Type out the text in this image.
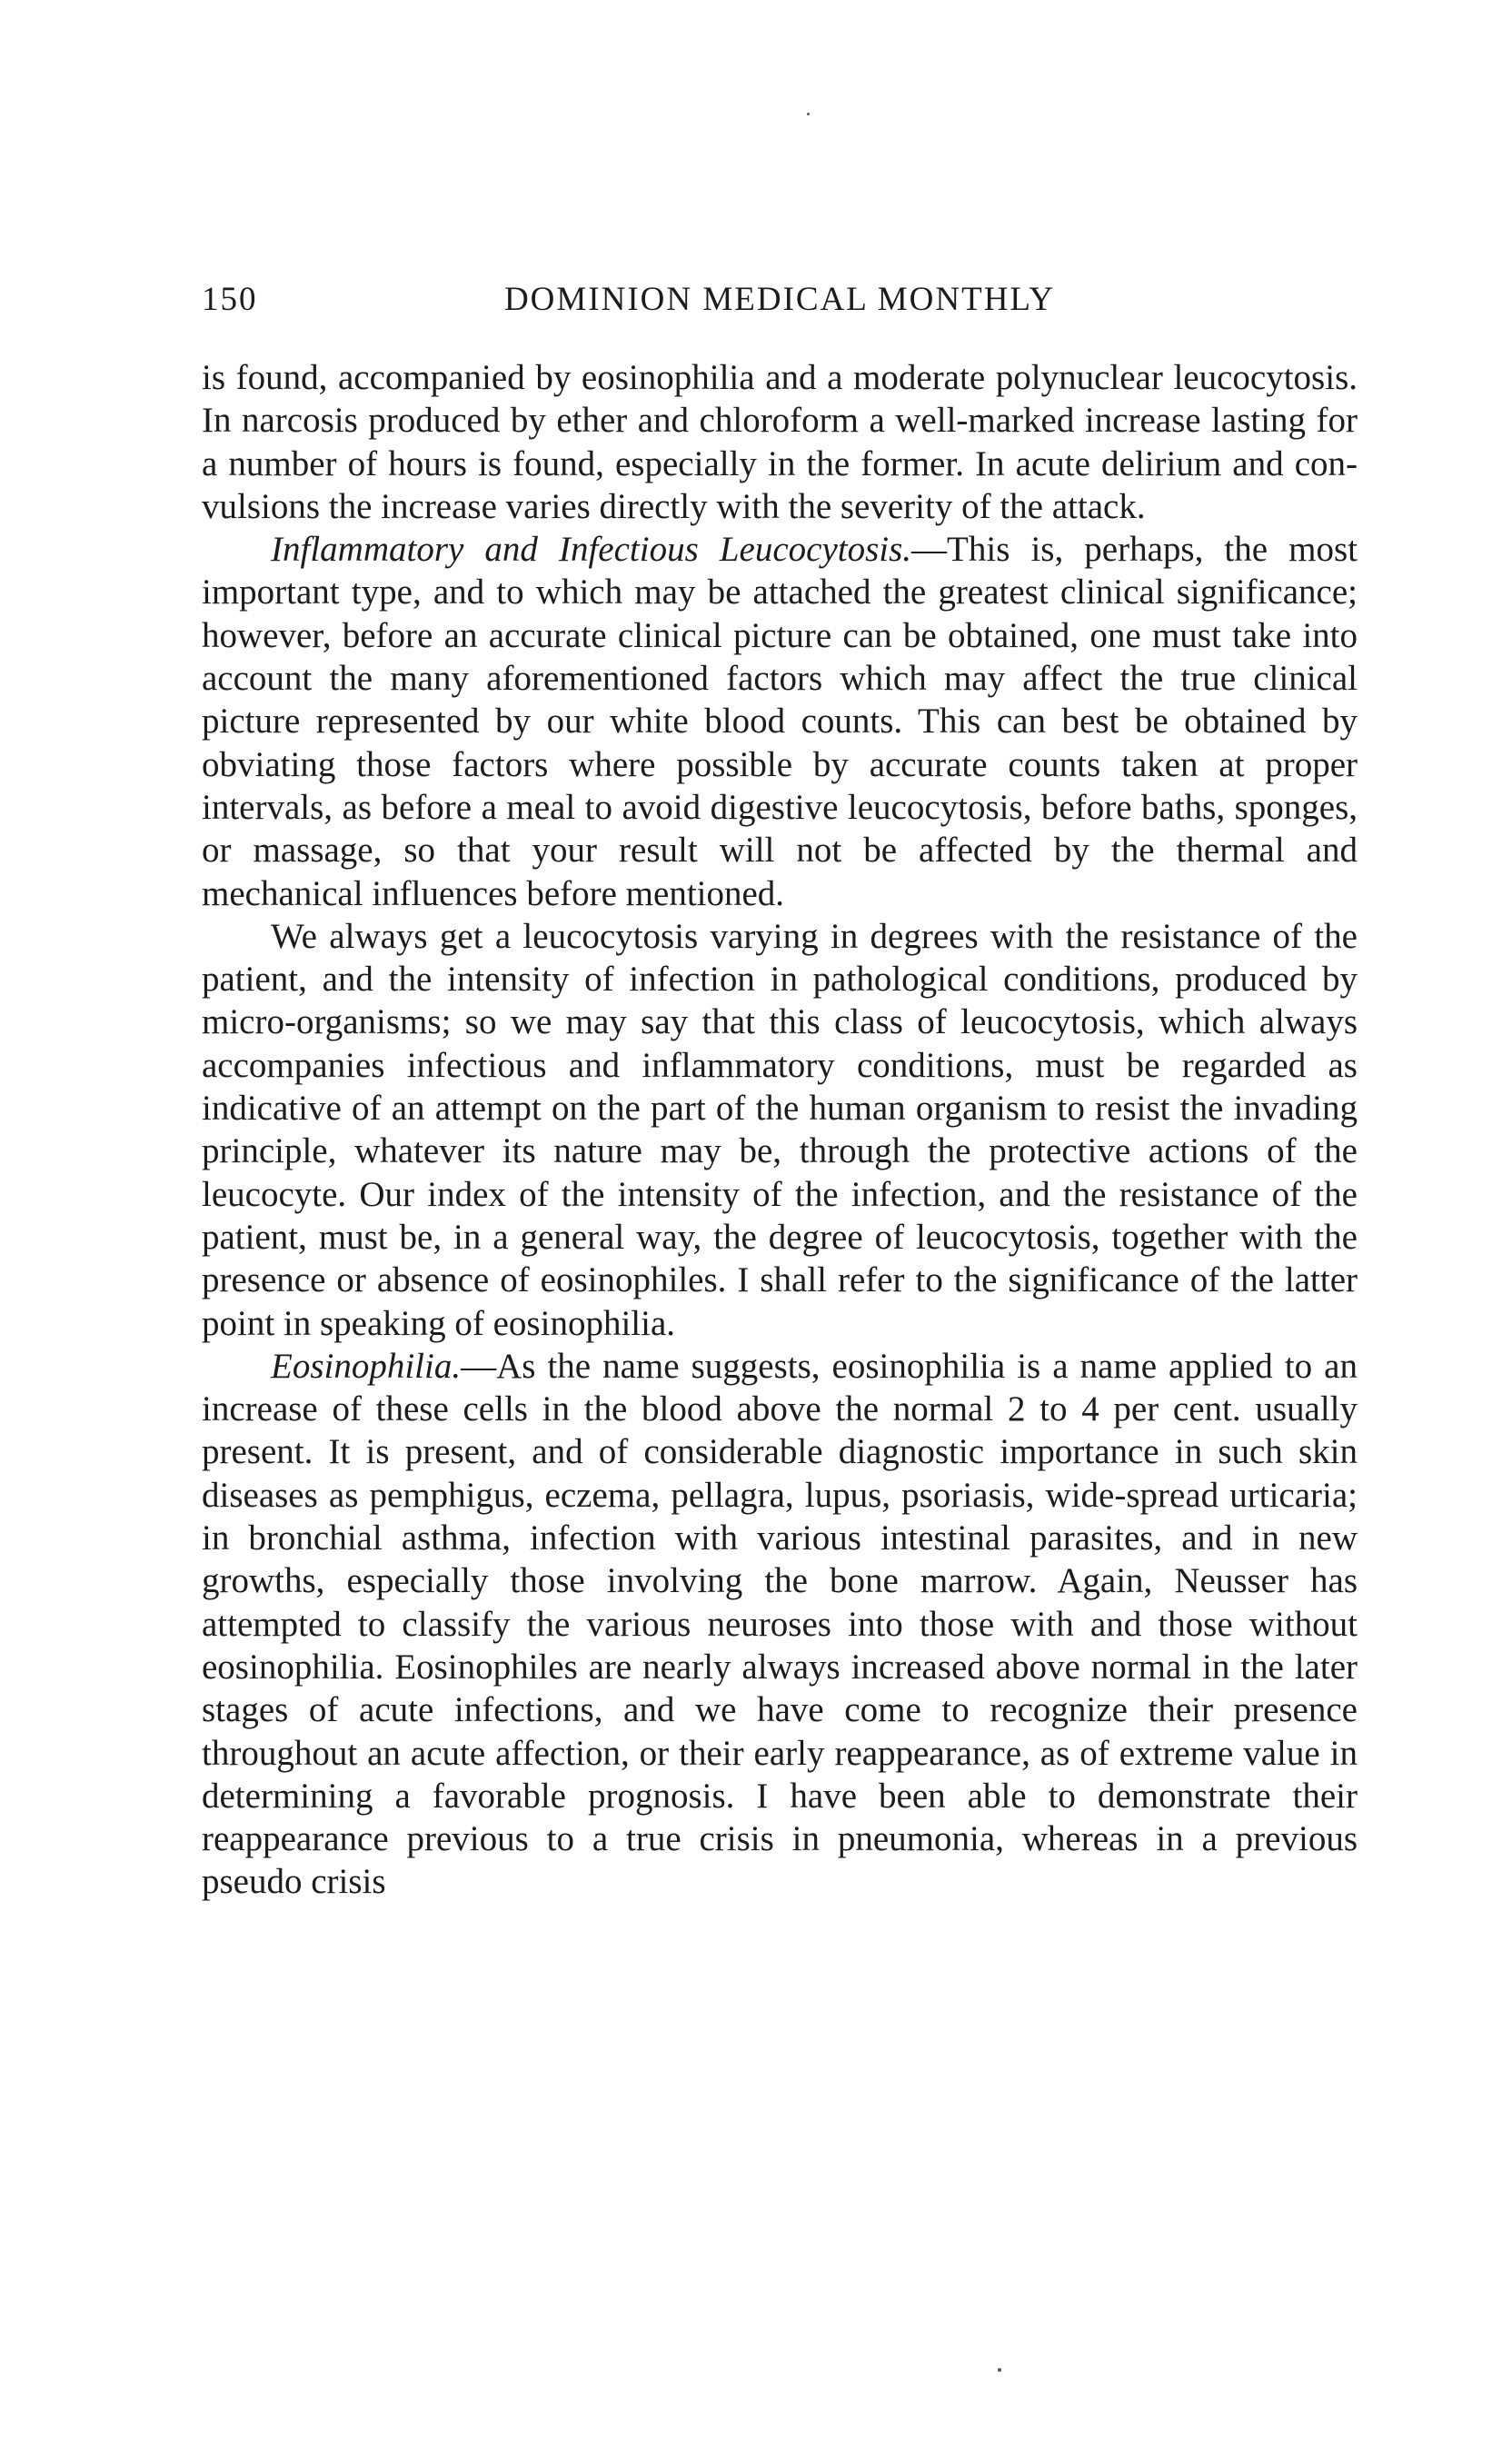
150	DOMINION MEDICAL MONTHLY

is found, accompanied by eosinophilia and a moderate polynuclear leucocytosis. In narcosis produced by ether and chloroform a well-marked increase lasting for a number of hours is found, especially in the former. In acute delirium and convulsions the increase varies directly with the severity of the attack.

Inflammatory and Infectious Leucocytosis.—This is, perhaps, the most important type, and to which may be attached the greatest clinical significance; however, before an accurate clinical picture can be obtained, one must take into account the many aforementioned factors which may affect the true clinical picture represented by our white blood counts. This can best be obtained by obviating those factors where possible by accurate counts taken at proper intervals, as before a meal to avoid digestive leucocytosis, before baths, sponges, or massage, so that your result will not be affected by the thermal and mechanical influences before mentioned.

We always get a leucocytosis varying in degrees with the resistance of the patient, and the intensity of infection in pathological conditions, produced by micro-organisms; so we may say that this class of leucocytosis, which always accompanies infectious and inflammatory conditions, must be regarded as indicative of an attempt on the part of the human organism to resist the invading principle, whatever its nature may be, through the protective actions of the leucocyte. Our index of the intensity of the infection, and the resistance of the patient, must be, in a general way, the degree of leucocytosis, together with the presence or absence of eosinophiles. I shall refer to the significance of the latter point in speaking of eosinophilia.

Eosinophilia.—As the name suggests, eosinophilia is a name applied to an increase of these cells in the blood above the normal 2 to 4 per cent. usually present. It is present, and of considerable diagnostic importance in such skin diseases as pemphigus, eczema, pellagra, lupus, psoriasis, wide-spread urticaria; in bronchial asthma, infection with various intestinal parasites, and in new growths, especially those involving the bone marrow. Again, Neusser has attempted to classify the various neuroses into those with and those without eosinophilia. Eosinophiles are nearly always increased above normal in the later stages of acute infections, and we have come to recognize their presence throughout an acute affection, or their early reappearance, as of extreme value in determining a favorable prognosis. I have been able to demonstrate their reappearance previous to a true crisis in pneumonia, whereas in a previous pseudo crisis
